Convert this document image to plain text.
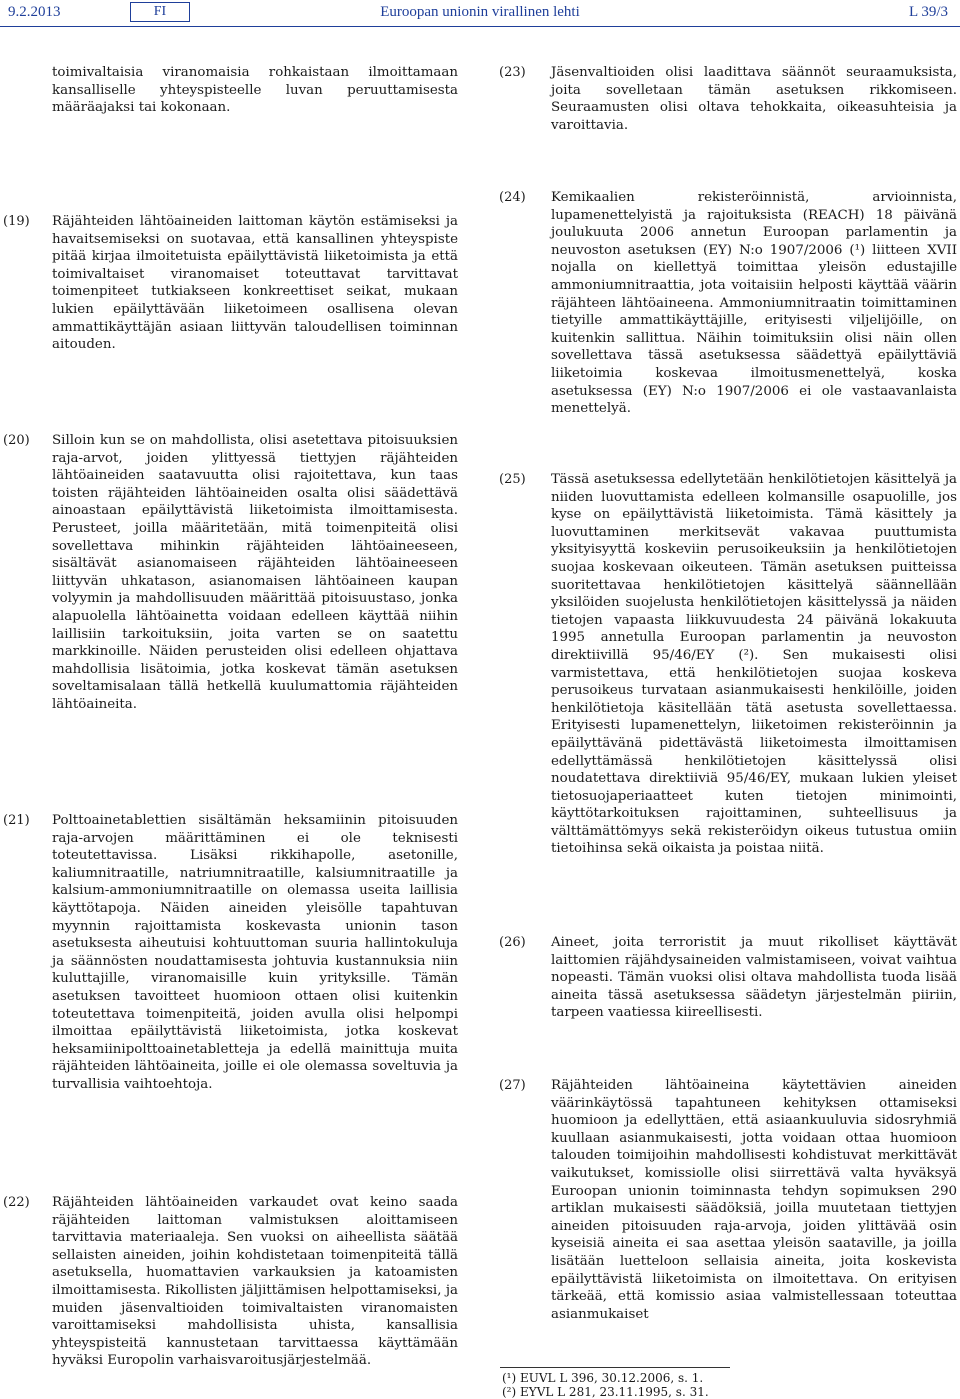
9.2.2013	FI	Euroopan unionin virallinen lehti	L 39/3

toimivaltaisia viranomaisia rohkaistaan ilmoittamaan kansalliselle yhteyspisteelle luvan peruuttamisesta määräajaksi tai kokonaan.

(19)	Räjähteiden lähtöaineiden laittoman käytön estämiseksi ja havaitsemiseksi on suotavaa, että kansallinen yhteyspiste pitää kirjaa ilmoitetuista epäilyttävistä liiketoimista ja että toimivaltaiset viranomaiset toteuttavat tarvittavat toimenpiteet tutkiakseen konkreettiset seikat, mukaan lukien epäilyttävään liiketoimeen osallisena olevan ammattikäyttäjän asiaan liittyvän taloudellisen toiminnan aitouden.

(20)	Silloin kun se on mahdollista, olisi asetettava pitoisuuksien raja-arvot, joiden ylittyessä tiettyjen räjähteiden lähtöaineiden saatavuutta olisi rajoitettava, kun taas toisten räjähteiden lähtöaineiden osalta olisi säädettävä ainoastaan epäilyttävistä liiketoimista ilmoittamisesta. Perusteet, joilla määritetään, mitä toimenpiteitä olisi sovellettava mihinkin räjähteiden lähtöaineeseen, sisältävät asianomaiseen räjähteiden lähtöaineeseen liittyvän uhkatason, asianomaisen lähtöaineen kaupan volyymin ja mahdollisuuden määrittää pitoisuustaso, jonka alapuolella lähtöainetta voidaan edelleen käyttää niihin laillisiin tarkoituksiin, joita varten se on saatettu markkinoille. Näiden perusteiden olisi edelleen ohjattava mahdollisia lisätoimia, jotka koskevat tämän asetuksen soveltamisalaan tällä hetkellä kuulumattomia räjähteiden lähtöaineita.

(21)	Polttoainetablettien sisältämän heksamiinin pitoisuuden raja-arvojen määrittäminen ei ole teknisesti toteutettavissa. Lisäksi rikkihapolle, asetonille, kaliumnitraatille, natriumnitraatille, kalsiumnitraatille ja kalsium-ammoniumnitraatille on olemassa useita laillisia käyttötapoja. Näiden aineiden yleisölle tapahtuvan myynnin rajoittamista koskevasta unionin tason asetuksesta aiheutuisi kohtuuttoman suuria hallintokuluja ja säännösten noudattamisesta johtuvia kustannuksia niin kuluttajille, viranomaisille kuin yrityksille. Tämän asetuksen tavoitteet huomioon ottaen olisi kuitenkin toteutettava toimenpiteitä, joiden avulla olisi helpompi ilmoittaa epäilyttävistä liiketoimista, jotka koskevat heksamiinipolttoainetabletteja ja edellä mainittuja muita räjähteiden lähtöaineita, joille ei ole olemassa soveltuvia ja turvallisia vaihtoehtoja.

(22)	Räjähteiden lähtöaineiden varkaudet ovat keino saada räjähteiden laittoman valmistuksen aloittamiseen tarvittavia materiaaleja. Sen vuoksi on aiheellista säätää sellaisten aineiden, joihin kohdistetaan toimenpiteitä tällä asetuksella, huomattavien varkauksien ja katoamisten ilmoittamisesta. Rikollisten jäljittämisen helpottamiseksi, ja muiden jäsenvaltioiden toimivaltaisten viranomaisten varoittamiseksi mahdollisista uhista, kansallisia yhteyspisteitä kannustetaan tarvittaessa käyttämään hyväksi Europolin varhaisvaroitusjärjestelmää.

(23)	Jäsenvaltioiden olisi laadittava säännöt seuraamuksista, joita sovelletaan tämän asetuksen rikkomiseen. Seuraamusten olisi oltava tehokkaita, oikeasuhteisia ja varoittavia.

(24)	Kemikaalien rekisteröinnistä, arvioinnista, lupamenettelyistä ja rajoituksista (REACH) 18 päivänä joulukuuta 2006 annetun Euroopan parlamentin ja neuvoston asetuksen (EY) N:o 1907/2006 (¹) liitteen XVII nojalla on kiellettyä toimittaa yleisön edustajille ammoniumnitraattia, jota voitaisiin helposti käyttää väärin räjähteen lähtöaineena. Ammoniumnitraatin toimittaminen tietyille ammattikäyttäjille, erityisesti viljelijöille, on kuitenkin sallittua. Näihin toimituksiin olisi näin ollen sovellettava tässä asetuksessa säädettyä epäilyttäviä liiketoimia koskevaa ilmoitusmenettelyä, koska asetuksessa (EY) N:o 1907/2006 ei ole vastaavanlaista menettelyä.

(25)	Tässä asetuksessa edellytetään henkilötietojen käsittelyä ja niiden luovuttamista edelleen kolmansille osapuolille, jos kyse on epäilyttävistä liiketoimista. Tämä käsittely ja luovuttaminen merkitsevät vakavaa puuttumista yksityisyyttä koskeviin perusoikeuksiin ja henkilötietojen suojaa koskevaan oikeuteen. Tämän asetuksen puitteissa suoritettavaa henkilötietojen käsittelyä säännellään yksilöiden suojelusta henkilötietojen käsittelyssä ja näiden tietojen vapaasta liikkuvuudesta 24 päivänä lokakuuta 1995 annetulla Euroopan parlamentin ja neuvoston direktiivillä 95/46/EY (²). Sen mukaisesti olisi varmistettava, että henkilötietojen suojaa koskeva perusoikeus turvataan asianmukaisesti henkilöille, joiden henkilötietoja käsitellään tätä asetusta sovellettaessa. Erityisesti lupamenettelyn, liiketoimen rekisteröinnin ja epäilyttävänä pidettävästä liiketoimesta ilmoittamisen edellyttämässä henkilötietojen käsittelyssä olisi noudatettava direktiiviä 95/46/EY, mukaan lukien yleiset tietosuojaperiaatteet kuten tietojen minimointi, käyttötarkoituksen rajoittaminen, suhteellisuus ja välttämättömyys sekä rekisteröidyn oikeus tutustua omiin tietoihinsa sekä oikaista ja poistaa niitä.

(26)	Aineet, joita terroristit ja muut rikolliset käyttävät laittomien räjähdysaineiden valmistamiseen, voivat vaihtua nopeasti. Tämän vuoksi olisi oltava mahdollista tuoda lisää aineita tässä asetuksessa säädetyn järjestelmän piiriin, tarpeen vaatiessa kiireellisesti.

(27)	Räjähteiden lähtöaineina käytettävien aineiden väärinkäytössä tapahtuneen kehityksen ottamiseksi huomioon ja edellyttäen, että asiaankuuluvia sidosryhmiä kuullaan asianmukaisesti, jotta voidaan ottaa huomioon talouden toimijoihin mahdollisesti kohdistuvat merkittävät vaikutukset, komissiolle olisi siirrettävä valta hyväksyä Euroopan unionin toiminnasta tehdyn sopimuksen 290 artiklan mukaisesti säädöksiä, joilla muutetaan tiettyjen aineiden pitoisuuden raja-arvoja, joiden ylittävää osin kyseisiä aineita ei saa asettaa yleisön saataville, ja joilla lisätään luetteloon sellaisia aineita, joita koskevista epäilyttävistä liiketoimista on ilmoitettava. On erityisen tärkeää, että komissio asiaa valmistellessaan toteuttaa asianmukaiset

(¹) EUVL L 396, 30.12.2006, s. 1.
(²) EYVL L 281, 23.11.1995, s. 31.
